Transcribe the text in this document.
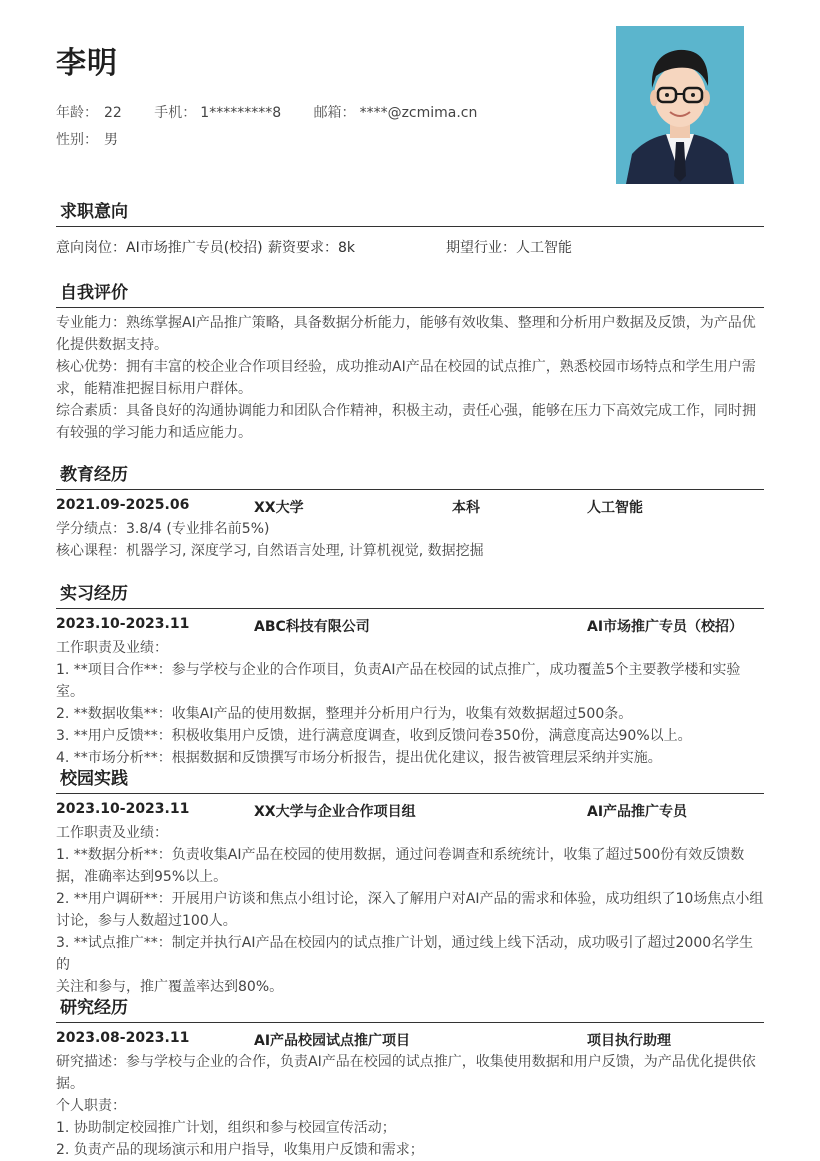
李明
年龄： 22 手机： 1*********8 邮箱： ****@zcmima.cn
性别： 男
求职意向
意向岗位：AI市场推广专员(校招) 薪资要求：8k	期望行业：人工智能
自我评价
专业能力：熟练掌握AI产品推广策略，具备数据分析能力，能够有效收集、整理和分析用户数据及反馈，为产品优
化提供数据支持。
核心优势：拥有丰富的校企业合作项目经验，成功推动AI产品在校园的试点推广，熟悉校园市场特点和学生用户需
求，能精准把握目标用户群体。
综合素质：具备良好的沟通协调能力和团队合作精神，积极主动，责任心强，能够在压力下高效完成工作，同时拥
有较强的学习能力和适应能力。
教育经历
2021.09-2025.06	XX大学	本科	人工智能
学分绩点：3.8/4 (专业排名前5%)
核心课程：机器学习, 深度学习, 自然语言处理, 计算机视觉, 数据挖掘
实习经历
2023.10-2023.11	ABC科技有限公司	AI市场推广专员（校招）
工作职责及业绩：
1. **项目合作**：参与学校与企业的合作项目，负责AI产品在校园的试点推广，成功覆盖5个主要教学楼和实验室。
2. **数据收集**：收集AI产品的使用数据，整理并分析用户行为，收集有效数据超过500条。
3. **用户反馈**：积极收集用户反馈，进行满意度调查，收到反馈问卷350份，满意度高达90%以上。
4. **市场分析**：根据数据和反馈撰写市场分析报告，提出优化建议，报告被管理层采纳并实施。
校园实践
2023.10-2023.11	XX大学与企业合作项目组	AI产品推广专员
工作职责及业绩：
1. **数据分析**：负责收集AI产品在校园的使用数据，通过问卷调查和系统统计，收集了超过500份有效反馈数
据，准确率达到95%以上。
2. **用户调研**：开展用户访谈和焦点小组讨论，深入了解用户对AI产品的需求和体验，成功组织了10场焦点小组
讨论，参与人数超过100人。
3. **试点推广**：制定并执行AI产品在校园内的试点推广计划，通过线上线下活动，成功吸引了超过2000名学生的
关注和参与，推广覆盖率达到80%。
研究经历
2023.08-2023.11	AI产品校园试点推广项目	项目执行助理
研究描述：参与学校与企业的合作，负责AI产品在校园的试点推广，收集使用数据和用户反馈，为产品优化提供依
据。
个人职责：
1. 协助制定校园推广计划，组织和参与校园宣传活动；
2. 负责产品的现场演示和用户指导，收集用户反馈和需求；
